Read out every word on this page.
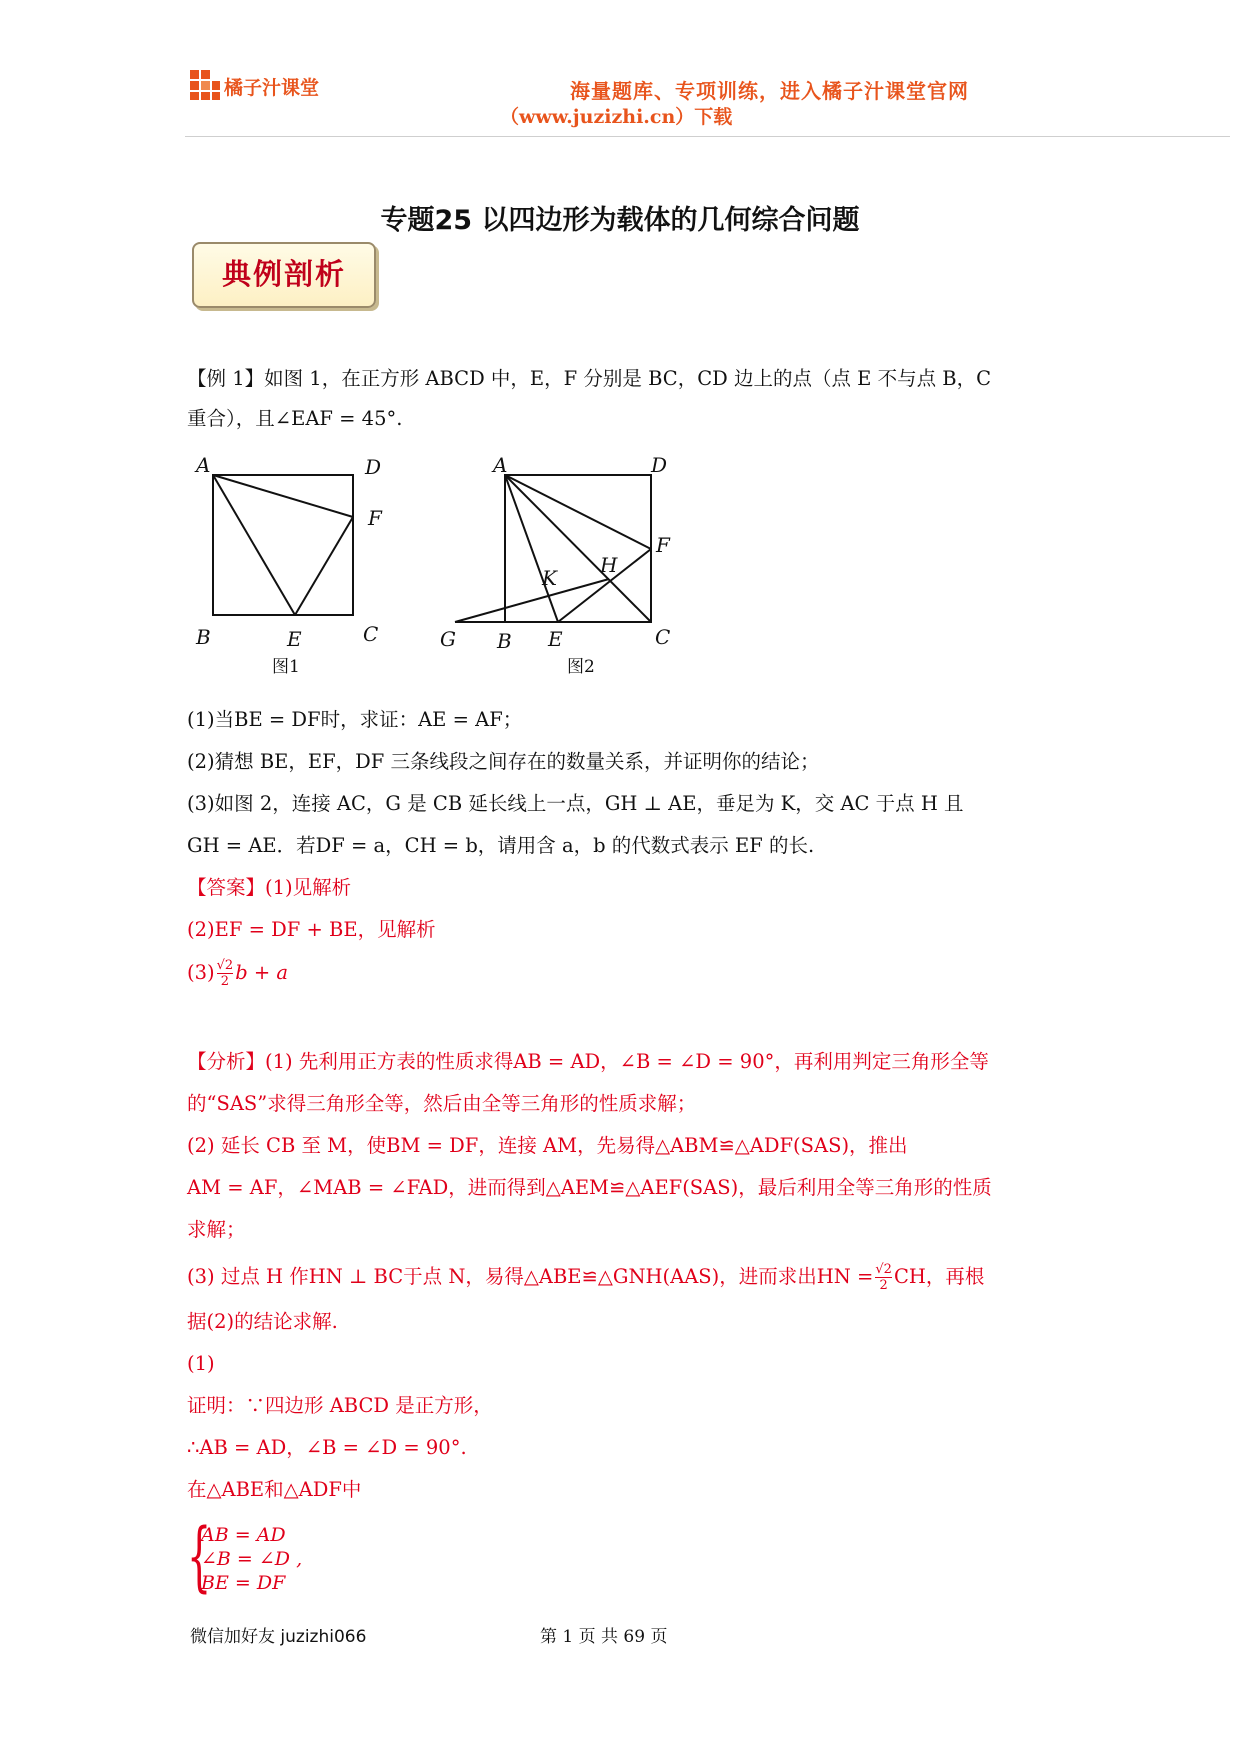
橘子汁课堂	海量题库、专项训练，进入橘子汁课堂官网
（www.juzizhi.cn）下载
专题25 以四边形为载体的几何综合问题
典例剖析
【例 1】如图 1，在正方形 ABCD 中，E，F 分别是 BC，CD 边上的点（点 E 不与点 B，C
重合），且∠EAF = 45°.
A	D
F
B	E	C
图1
A	D
F
H
K
G B E	C
图2
(1)当BE = DF时，求证：AE = AF；
(2)猜想 BE，EF，DF 三条线段之间存在的数量关系，并证明你的结论；
(3)如图 2，连接 AC，G 是 CB 延长线上一点，GH ⊥ AE，垂足为 K，交 AC 于点 H 且
GH = AE．若DF = a，CH = b，请用含 a，b 的代数式表示 EF 的长.
【答案】(1)见解析
(2)EF = DF + BE，见解析
$(3) \frac{√2}{2}$ b + a
【分析】(1) 先利用正方表的性质求得AB = AD，∠B = ∠D = 90°，再利用判定三角形全等
的“SAS”求得三角形全等，然后由全等三角形的性质求解；
(2) 延长 CB 至 M，使BM = DF，连接 AM，先易得△ABM≌△ADF(SAS)，推出
AM = AF，∠MAB = ∠FAD，进而得到△AEM≌△AEF(SAS)，最后利用全等三角形的性质
求解；
(3) 过点 H 作HN ⊥ BC于点 N，易得△ABE≌△GNH(AAS)，进而求出HN = $\frac{√2}{2}$ CH，再根
据(2)的结论求解.
(1)
证明：∵四边形 ABCD 是正方形，
∴AB = AD，∠B = ∠D = 90°.
在△ABE和△ADF中
{
AB = AD
∠B = ∠D ,
BE = DF
微信加好友 juzizhi066	第 1 页 共 69 页
